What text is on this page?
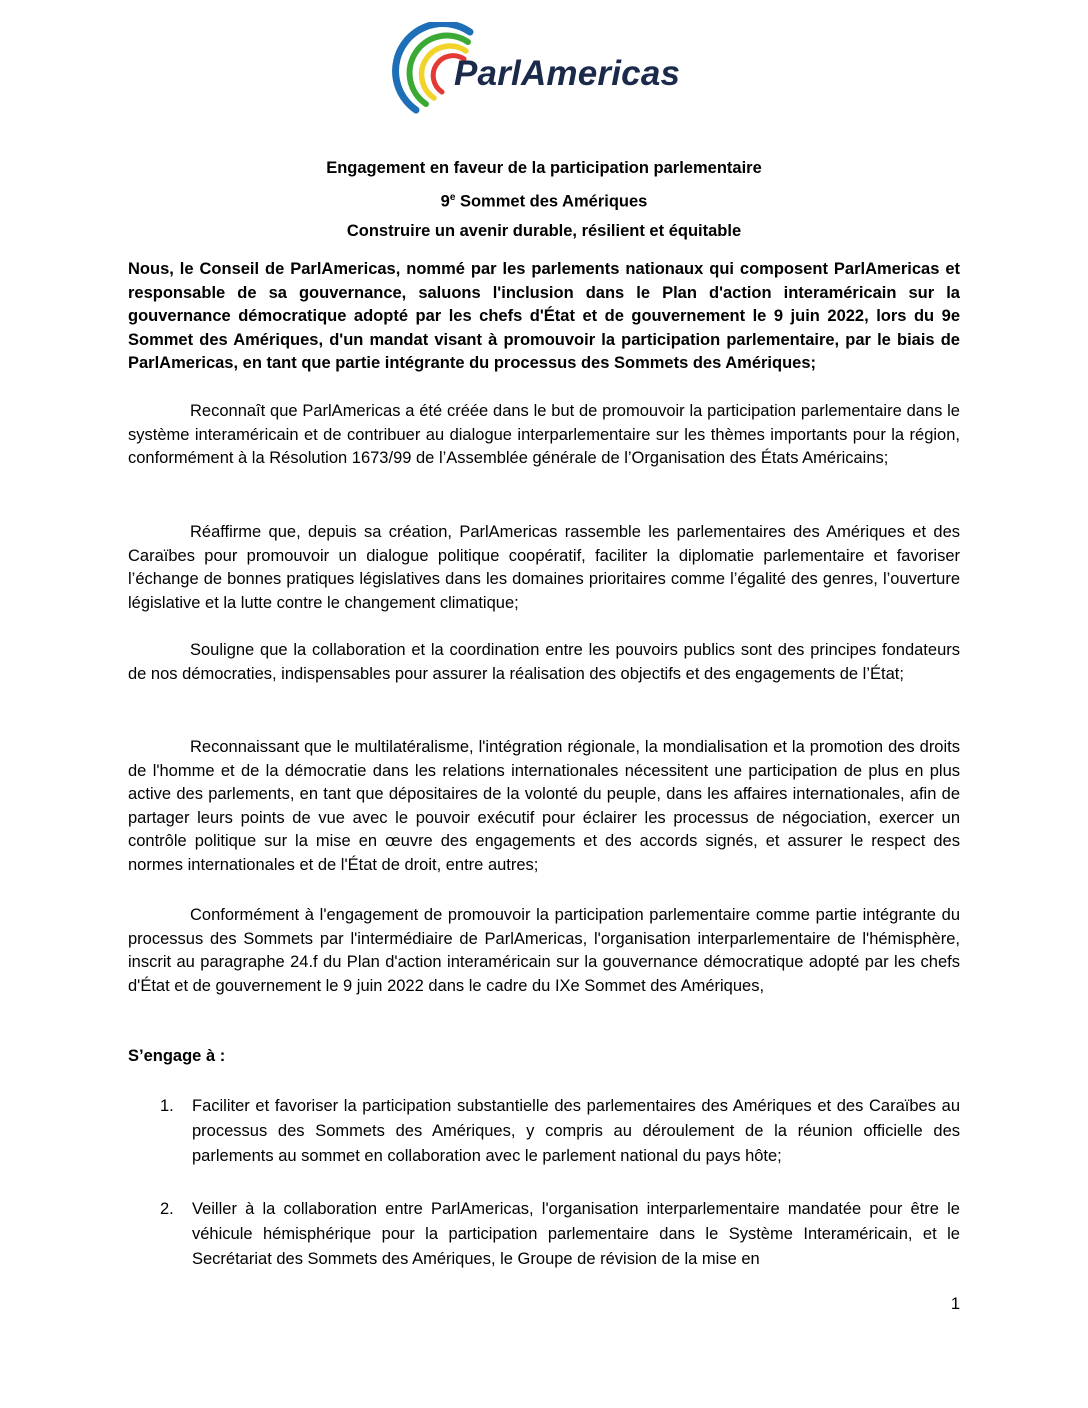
ParlAmericas
Engagement en faveur de la participation parlementaire
9e Sommet des Amériques
Construire un avenir durable, résilient et équitable
Nous, le Conseil de ParlAmericas, nommé par les parlements nationaux qui composent ParlAmericas et responsable de sa gouvernance, saluons l'inclusion dans le Plan d'action interaméricain sur la gouvernance démocratique adopté par les chefs d'État et de gouvernement le 9 juin 2022, lors du 9e Sommet des Amériques, d'un mandat visant à promouvoir la participation parlementaire, par le biais de ParlAmericas, en tant que partie intégrante du processus des Sommets des Amériques;
Reconnaît que ParlAmericas a été créée dans le but de promouvoir la participation parlementaire dans le système interaméricain et de contribuer au dialogue interparlementaire sur les thèmes importants pour la région, conformément à la Résolution 1673/99 de l’Assemblée générale de l’Organisation des États Américains;
Réaffirme que, depuis sa création, ParlAmericas rassemble les parlementaires des Amériques et des Caraïbes pour promouvoir un dialogue politique coopératif, faciliter la diplomatie parlementaire et favoriser l’échange de bonnes pratiques législatives dans les domaines prioritaires comme l’égalité des genres, l’ouverture législative et la lutte contre le changement climatique;
Souligne que la collaboration et la coordination entre les pouvoirs publics sont des principes fondateurs de nos démocraties, indispensables pour assurer la réalisation des objectifs et des engagements de l’État;
Reconnaissant que le multilatéralisme, l'intégration régionale, la mondialisation et la promotion des droits de l'homme et de la démocratie dans les relations internationales nécessitent une participation de plus en plus active des parlements, en tant que dépositaires de la volonté du peuple, dans les affaires internationales, afin de partager leurs points de vue avec le pouvoir exécutif pour éclairer les processus de négociation, exercer un contrôle politique sur la mise en œuvre des engagements et des accords signés, et assurer le respect des normes internationales et de l'État de droit, entre autres;
Conformément à l'engagement de promouvoir la participation parlementaire comme partie intégrante du processus des Sommets par l'intermédiaire de ParlAmericas, l'organisation interparlementaire de l'hémisphère, inscrit au paragraphe 24.f du Plan d'action interaméricain sur la gouvernance démocratique adopté par les chefs d'État et de gouvernement le 9 juin 2022 dans le cadre du IXe Sommet des Amériques,
S’engage à :
1. Faciliter et favoriser la participation substantielle des parlementaires des Amériques et des Caraïbes au processus des Sommets des Amériques, y compris au déroulement de la réunion officielle des parlements au sommet en collaboration avec le parlement national du pays hôte;
2. Veiller à la collaboration entre ParlAmericas, l'organisation interparlementaire mandatée pour être le véhicule hémisphérique pour la participation parlementaire dans le Système Interaméricain, et le Secrétariat des Sommets des Amériques, le Groupe de révision de la mise en
1
